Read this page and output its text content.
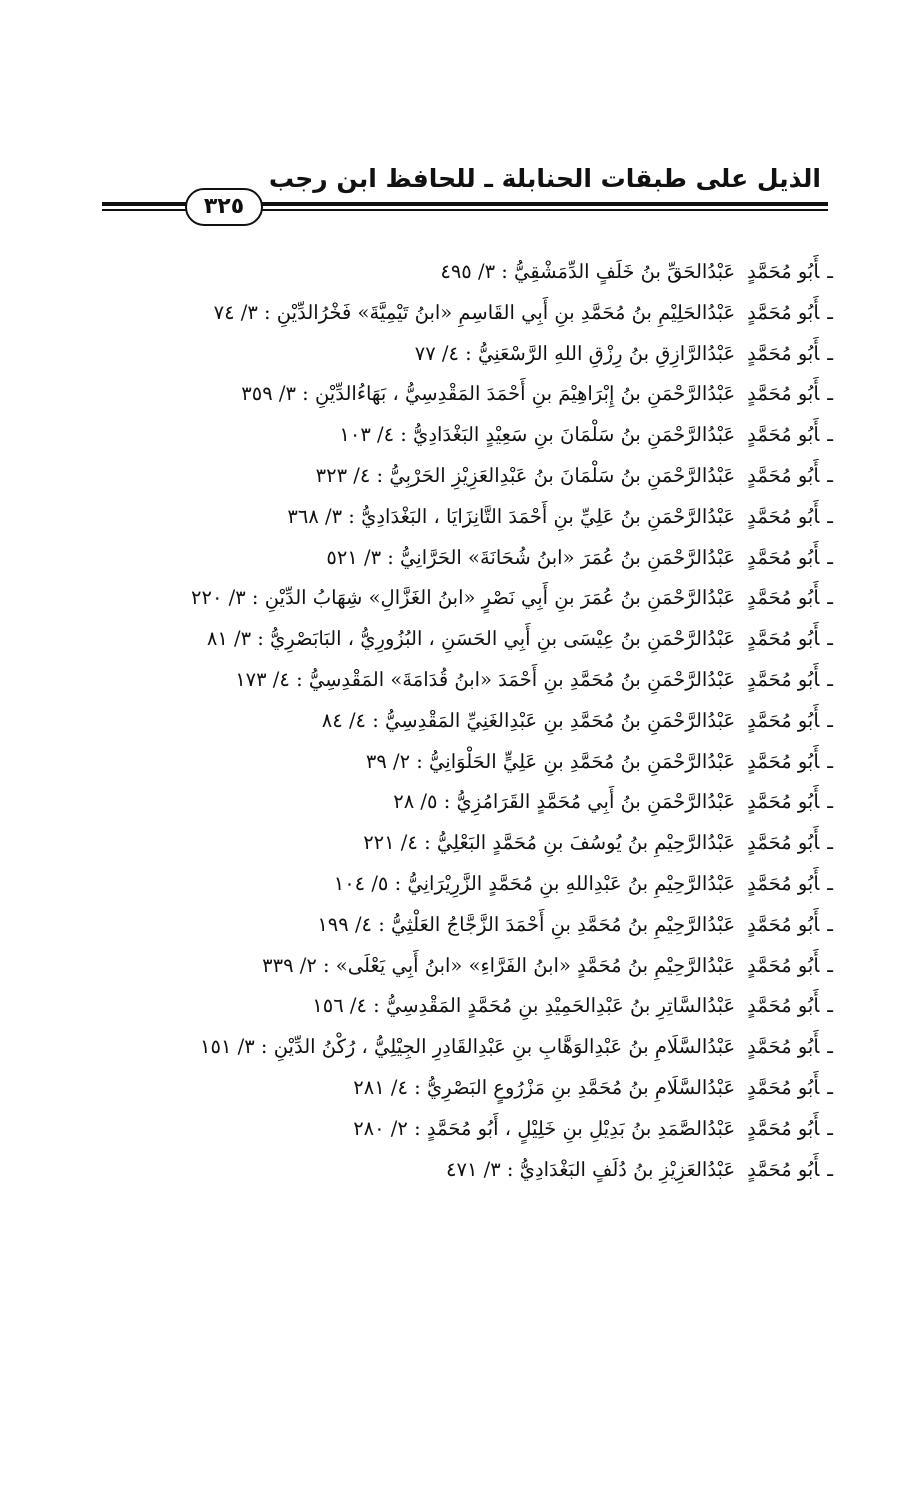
الذيل على طبقات الحنابلة ـ للحافظ ابن رجب
٣٢٥
ـأَبُو مُحَمَّدٍعَبْدُالحَقِّ بنُ خَلَفٍ الدِّمَشْقِيُّ : ٣/ ٤٩٥
ـأَبُو مُحَمَّدٍعَبْدُالحَلِيْمِ بنُ مُحَمَّدِ بنِ أَبِي القَاسِمِ «ابنُ تَيْمِيَّةَ» فَخْرُالدِّيْنِ : ٣/ ٧٤
ـأَبُو مُحَمَّدٍعَبْدُالرَّازِقِ بنُ رِزْقِ اللهِ الرَّسْعَنِيُّ : ٤/ ٧٧
ـأَبُو مُحَمَّدٍعَبْدُالرَّحْمَنِ بنُ إِبْرَاهِيْمَ بنِ أَحْمَدَ المَقْدِسِيُّ ، بَهَاءُالدِّيْنِ : ٣/ ٣٥٩
ـأَبُو مُحَمَّدٍعَبْدُالرَّحْمَنِ بنُ سَلْمَانَ بنِ سَعِيْدٍ البَغْدَادِيُّ : ٤/ ١٠٣
ـأَبُو مُحَمَّدٍعَبْدُالرَّحْمَنِ بنُ سَلْمَانَ بنُ عَبْدِالعَزِيْزِ الحَرْبِيُّ : ٤/ ٣٢٣
ـأَبُو مُحَمَّدٍعَبْدُالرَّحْمَنِ بنُ عَلِيِّ بنِ أَحْمَدَ التَّانِزَايَا ، البَغْدَادِيُّ : ٣/ ٣٦٨
ـأَبُو مُحَمَّدٍعَبْدُالرَّحْمَنِ بنُ عُمَرَ «ابنُ شُحَانَةَ» الحَرَّانِيُّ : ٣/ ٥٢١
ـأَبُو مُحَمَّدٍعَبْدُالرَّحْمَنِ بنُ عُمَرَ بنِ أَبِي نَصْرٍ «ابنُ الغَزَّالِ» شِهَابُ الدِّيْنِ : ٣/ ٢٢٠
ـأَبُو مُحَمَّدٍعَبْدُالرَّحْمَنِ بنُ عِيْسَى بنِ أَبِي الحَسَنِ ، البُزُورِيُّ ، البَابَصْرِيُّ : ٣/ ٨١
ـأَبُو مُحَمَّدٍعَبْدُالرَّحْمَنِ بنُ مُحَمَّدِ بنِ أَحْمَدَ «ابنُ قُدَامَةَ» المَقْدِسِيُّ : ٤/ ١٧٣
ـأَبُو مُحَمَّدٍعَبْدُالرَّحْمَنِ بنُ مُحَمَّدِ بنِ عَبْدِالغَنِيِّ المَقْدِسِيُّ : ٤/ ٨٤
ـأَبُو مُحَمَّدٍعَبْدُالرَّحْمَنِ بنُ مُحَمَّدِ بنِ عَلِيٍّ الحَلْوَانِيُّ : ٢/ ٣٩
ـأَبُو مُحَمَّدٍعَبْدُالرَّحْمَنِ بنُ أَبِي مُحَمَّدٍ القَرَامُزِيُّ : ٥/ ٢٨
ـأَبُو مُحَمَّدٍعَبْدُالرَّحِيْمِ بنُ يُوسُفَ بنِ مُحَمَّدٍ البَعْلِيُّ : ٤/ ٢٢١
ـأَبُو مُحَمَّدٍعَبْدُالرَّحِيْمِ بنُ عَبْدِاللهِ بنِ مُحَمَّدٍ الزَّرِيْرَانِيُّ : ٥/ ١٠٤
ـأَبُو مُحَمَّدٍعَبْدُالرَّحِيْمِ بنُ مُحَمَّدِ بنِ أَحْمَدَ الزَّجَّاجُ العَلْثِيُّ : ٤/ ١٩٩
ـأَبُو مُحَمَّدٍعَبْدُالرَّحِيْمِ بنُ مُحَمَّدٍ «ابنُ الفَرَّاءِ» «ابنُ أَبِي يَعْلَى» : ٢/ ٣٣٩
ـأَبُو مُحَمَّدٍعَبْدُالسَّاتِرِ بنُ عَبْدِالحَمِيْدِ بنِ مُحَمَّدٍ المَقْدِسِيُّ : ٤/ ١٥٦
ـأَبُو مُحَمَّدٍعَبْدُالسَّلَامِ بنُ عَبْدِالوَهَّابِ بنِ عَبْدِالقَادِرِ الجِيْلِيُّ ، رُكْنُ الدِّيْنِ : ٣/ ١٥١
ـأَبُو مُحَمَّدٍعَبْدُالسَّلَامِ بنُ مُحَمَّدِ بنِ مَزْرُوعٍ البَصْرِيُّ : ٤/ ٢٨١
ـأَبُو مُحَمَّدٍعَبْدُالصَّمَدِ بنُ بَدِيْلِ بنِ خَلِيْلٍ ، أَبُو مُحَمَّدٍ : ٢/ ٢٨٠
ـأَبُو مُحَمَّدٍعَبْدُالعَزِيْزِ بنُ دُلَفٍ البَغْدَادِيُّ : ٣/ ٤٧١
